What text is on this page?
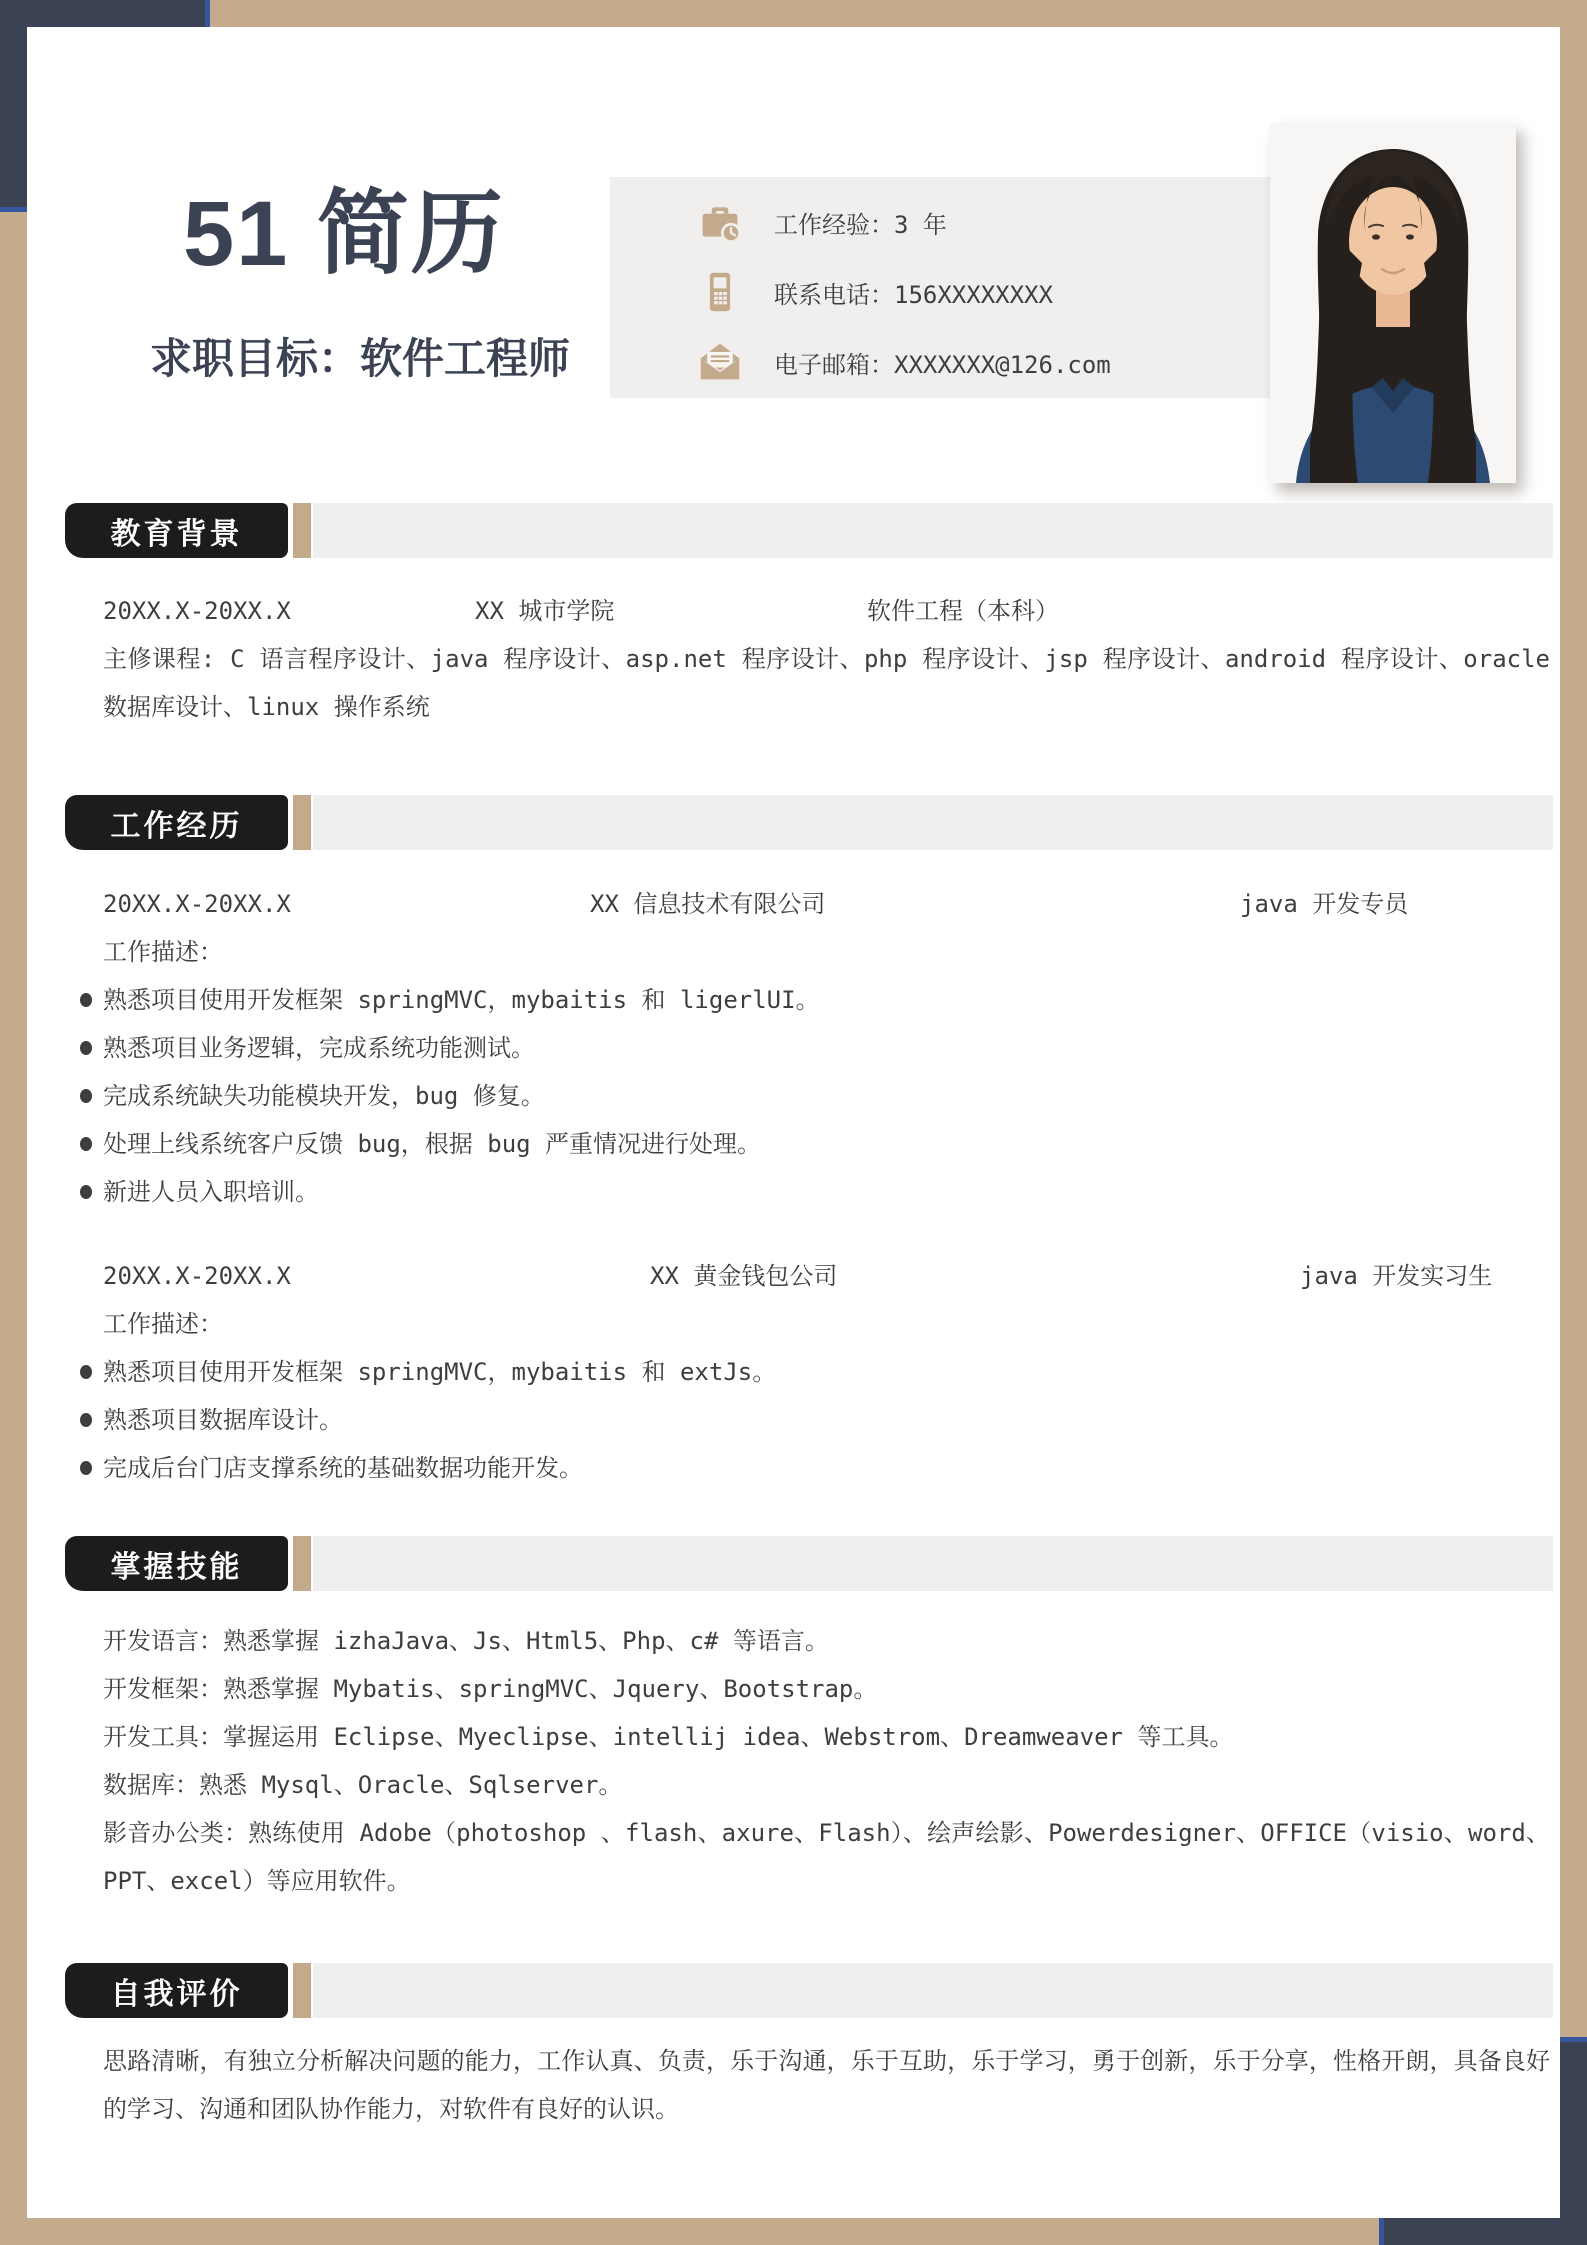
51 简历
求职目标：软件工程师
工作经验：3 年
联系电话：156XXXXXXXX
电子邮箱：XXXXXXX@126.com
教育背景
20XX.X-20XX.X	XX 城市学院	软件工程（本科）
主修课程: C 语言程序设计、java 程序设计、asp.net 程序设计、php 程序设计、jsp 程序设计、android 程序设计、oracle 数据库设计、linux 操作系统
工作经历
20XX.X-20XX.X	XX 信息技术有限公司	java 开发专员
工作描述：
熟悉项目使用开发框架 springMVC，mybaitis 和 ligerlUI。
熟悉项目业务逻辑，完成系统功能测试。
完成系统缺失功能模块开发，bug 修复。
处理上线系统客户反馈 bug，根据 bug 严重情况进行处理。
新进人员入职培训。
20XX.X-20XX.X	XX 黄金钱包公司	java 开发实习生
工作描述：
熟悉项目使用开发框架 springMVC，mybaitis 和 extJs。
熟悉项目数据库设计。
完成后台门店支撑系统的基础数据功能开发。
掌握技能
开发语言：熟悉掌握 izhaJava、Js、Html5、Php、c# 等语言。
开发框架：熟悉掌握 Mybatis、springMVC、Jquery、Bootstrap。
开发工具：掌握运用 Eclipse、Myeclipse、intellij idea、Webstrom、Dreamweaver 等工具。
数据库：熟悉 Mysql、Oracle、Sqlserver。
影音办公类：熟练使用 Adobe（photoshop 、flash、axure、Flash）、绘声绘影、Powerdesigner、OFFICE（visio、word、PPT、excel）等应用软件。
自我评价
思路清晰，有独立分析解决问题的能力，工作认真、负责，乐于沟通，乐于互助，乐于学习，勇于创新，乐于分享，性格开朗，具备良好的学习、沟通和团队协作能力，对软件有良好的认识。
